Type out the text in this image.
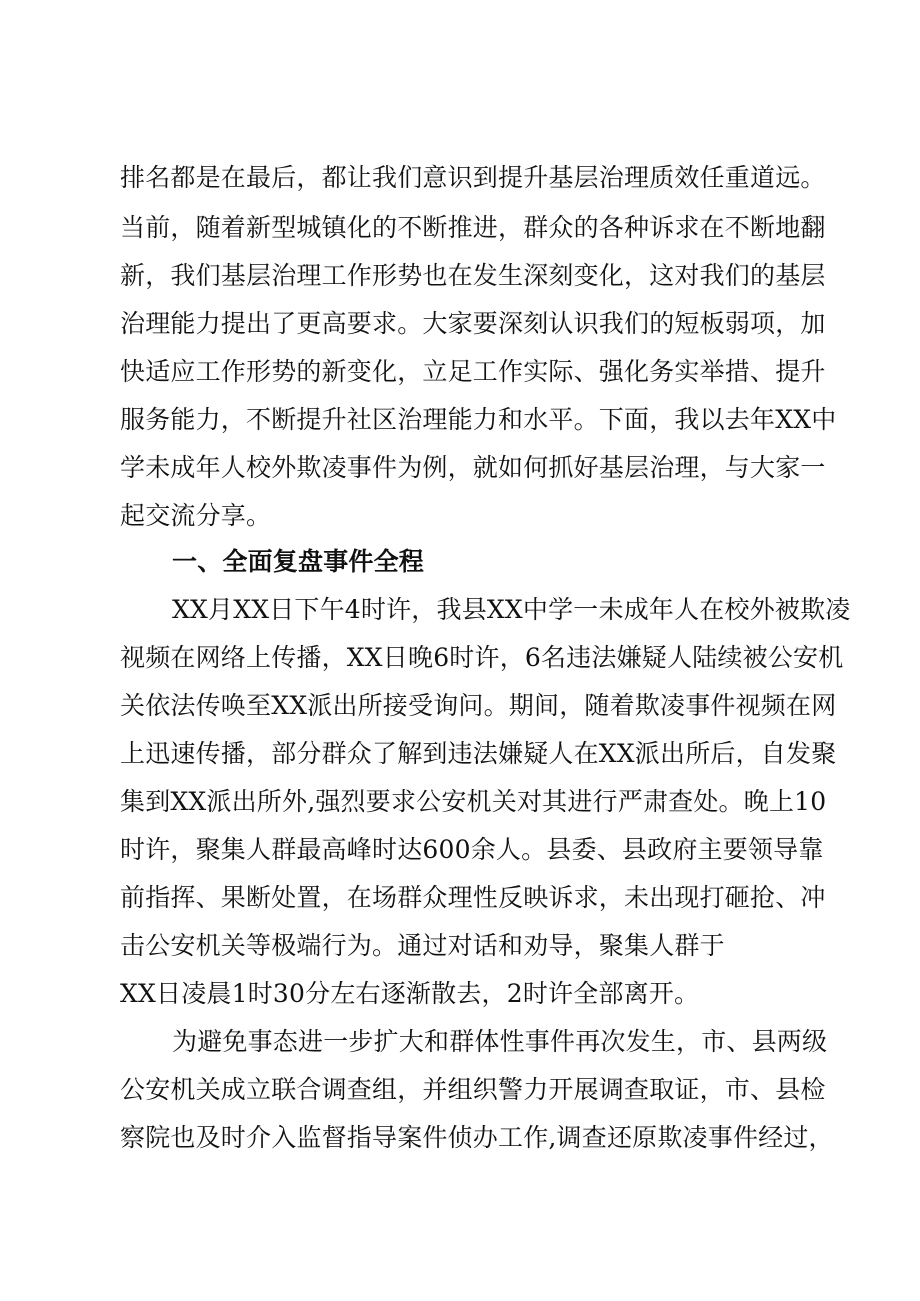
排名都是在最后，都让我们意识到提升基层治理质效任重道远。
当前，随着新型城镇化的不断推进，群众的各种诉求在不断地翻
新，我们基层治理工作形势也在发生深刻变化，这对我们的基层
治理能力提出了更高要求。大家要深刻认识我们的短板弱项，加
快适应工作形势的新变化，立足工作实际、强化务实举措、提升
服务能力，不断提升社区治理能力和水平。下面，我以去年XX中
学未成年人校外欺凌事件为例，就如何抓好基层治理，与大家一
起交流分享。
一、全面复盘事件全程
XX月XX日下午4时许，我县XX中学一未成年人在校外被欺凌
视频在网络上传播，XX日晚6时许，6名违法嫌疑人陆续被公安机
关依法传唤至XX派出所接受询问。期间，随着欺凌事件视频在网
上迅速传播，部分群众了解到违法嫌疑人在XX派出所后，自发聚
集到XX派出所外,强烈要求公安机关对其进行严肃查处。晚上10
时许，聚集人群最高峰时达600余人。县委、县政府主要领导靠
前指挥、果断处置，在场群众理性反映诉求，未出现打砸抢、冲
击公安机关等极端行为。通过对话和劝导，聚集人群于
XX日凌晨1时30分左右逐渐散去，2时许全部离开。
为避免事态进一步扩大和群体性事件再次发生，市、县两级
公安机关成立联合调查组，并组织警力开展调查取证，市、县检
察院也及时介入监督指导案件侦办工作,调查还原欺凌事件经过，
